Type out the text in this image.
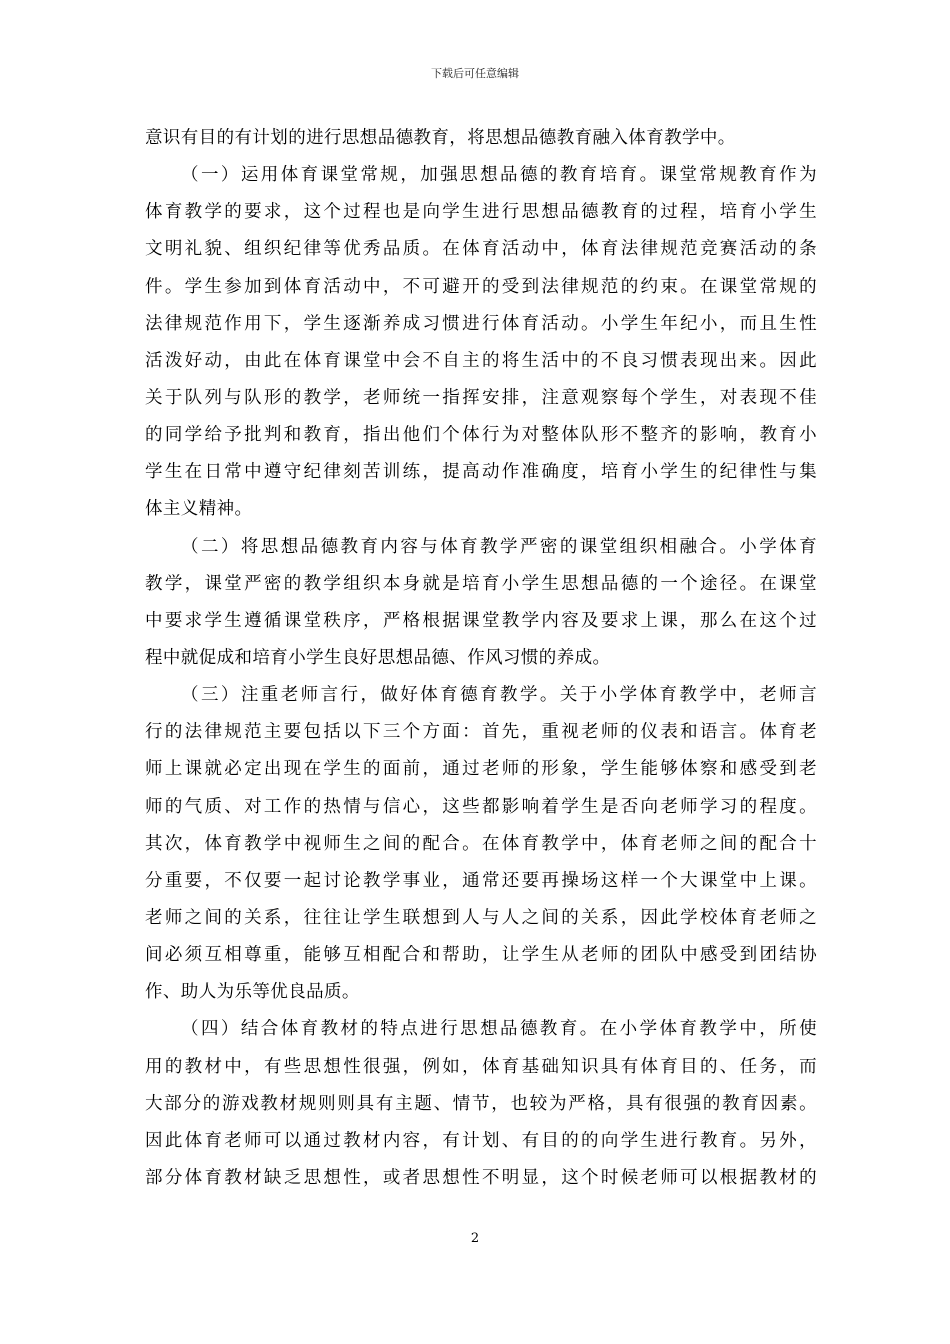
下载后可任意编辑
意识有目的有计划的进行思想品德教育，将思想品德教育融入体育教学中。
（一）运用体育课堂常规，加强思想品德的教育培育。课堂常规教育作为
体育教学的要求，这个过程也是向学生进行思想品德教育的过程，培育小学生
文明礼貌、组织纪律等优秀品质。在体育活动中，体育法律规范竞赛活动的条
件。学生参加到体育活动中，不可避开的受到法律规范的约束。在课堂常规的
法律规范作用下，学生逐渐养成习惯进行体育活动。小学生年纪小，而且生性
活泼好动，由此在体育课堂中会不自主的将生活中的不良习惯表现出来。因此
关于队列与队形的教学，老师统一指挥安排，注意观察每个学生，对表现不佳
的同学给予批判和教育，指出他们个体行为对整体队形不整齐的影响，教育小
学生在日常中遵守纪律刻苦训练，提高动作准确度，培育小学生的纪律性与集
体主义精神。
（二）将思想品德教育内容与体育教学严密的课堂组织相融合。小学体育
教学，课堂严密的教学组织本身就是培育小学生思想品德的一个途径。在课堂
中要求学生遵循课堂秩序，严格根据课堂教学内容及要求上课，那么在这个过
程中就促成和培育小学生良好思想品德、作风习惯的养成。
（三）注重老师言行，做好体育德育教学。关于小学体育教学中，老师言
行的法律规范主要包括以下三个方面：首先，重视老师的仪表和语言。体育老
师上课就必定出现在学生的面前，通过老师的形象，学生能够体察和感受到老
师的气质、对工作的热情与信心，这些都影响着学生是否向老师学习的程度。
其次，体育教学中视师生之间的配合。在体育教学中，体育老师之间的配合十
分重要，不仅要一起讨论教学事业，通常还要再操场这样一个大课堂中上课。
老师之间的关系，往往让学生联想到人与人之间的关系，因此学校体育老师之
间必须互相尊重，能够互相配合和帮助，让学生从老师的团队中感受到团结协
作、助人为乐等优良品质。
（四）结合体育教材的特点进行思想品德教育。在小学体育教学中，所使
用的教材中，有些思想性很强，例如，体育基础知识具有体育目的、任务，而
大部分的游戏教材规则则具有主题、情节，也较为严格，具有很强的教育因素。
因此体育老师可以通过教材内容，有计划、有目的的向学生进行教育。另外，
部分体育教材缺乏思想性，或者思想性不明显，这个时候老师可以根据教材的
2
